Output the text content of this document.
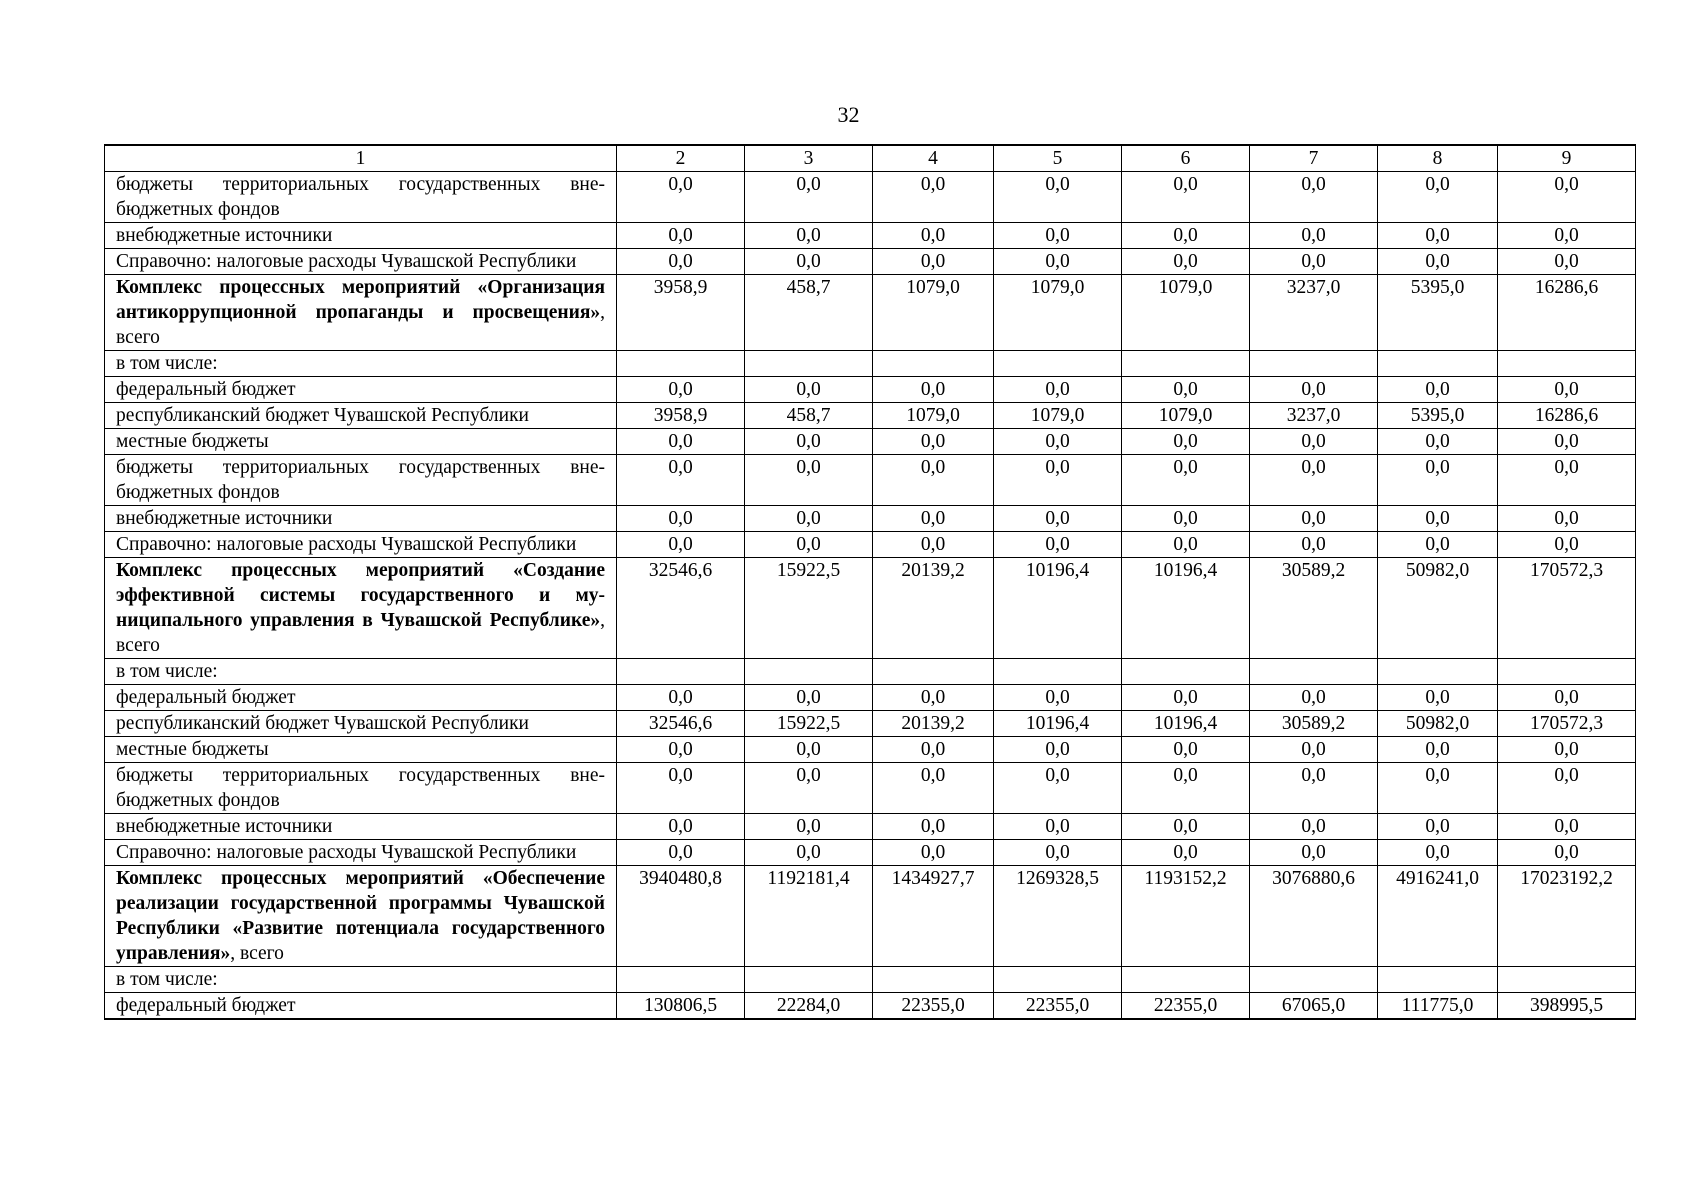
32
1	2	3	4	5	6	7	8	9
бюджеты территориальных государственных внебюджетных фондов	0,0	0,0	0,0	0,0	0,0	0,0	0,0	0,0
внебюджетные источники	0,0	0,0	0,0	0,0	0,0	0,0	0,0	0,0
Справочно: налоговые расходы Чувашской Республики	0,0	0,0	0,0	0,0	0,0	0,0	0,0	0,0
Комплекс процессных мероприятий «Организация антикоррупционной пропаганды и просвещения», всего	3958,9	458,7	1079,0	1079,0	1079,0	3237,0	5395,0	16286,6
в том числе:								
федеральный бюджет	0,0	0,0	0,0	0,0	0,0	0,0	0,0	0,0
республиканский бюджет Чувашской Республики	3958,9	458,7	1079,0	1079,0	1079,0	3237,0	5395,0	16286,6
местные бюджеты	0,0	0,0	0,0	0,0	0,0	0,0	0,0	0,0
бюджеты территориальных государственных внебюджетных фондов	0,0	0,0	0,0	0,0	0,0	0,0	0,0	0,0
внебюджетные источники	0,0	0,0	0,0	0,0	0,0	0,0	0,0	0,0
Справочно: налоговые расходы Чувашской Республики	0,0	0,0	0,0	0,0	0,0	0,0	0,0	0,0
Комплекс процессных мероприятий «Создание эффективной системы государственного и муниципального управления в Чувашской Республике», всего	32546,6	15922,5	20139,2	10196,4	10196,4	30589,2	50982,0	170572,3
в том числе:								
федеральный бюджет	0,0	0,0	0,0	0,0	0,0	0,0	0,0	0,0
республиканский бюджет Чувашской Республики	32546,6	15922,5	20139,2	10196,4	10196,4	30589,2	50982,0	170572,3
местные бюджеты	0,0	0,0	0,0	0,0	0,0	0,0	0,0	0,0
бюджеты территориальных государственных внебюджетных фондов	0,0	0,0	0,0	0,0	0,0	0,0	0,0	0,0
внебюджетные источники	0,0	0,0	0,0	0,0	0,0	0,0	0,0	0,0
Справочно: налоговые расходы Чувашской Республики	0,0	0,0	0,0	0,0	0,0	0,0	0,0	0,0
Комплекс процессных мероприятий «Обеспечение реализации государственной программы Чувашской Республики «Развитие потенциала государственного управления», всего	3940480,8	1192181,4	1434927,7	1269328,5	1193152,2	3076880,6	4916241,0	17023192,2
в том числе:								
федеральный бюджет	130806,5	22284,0	22355,0	22355,0	22355,0	67065,0	111775,0	398995,5
